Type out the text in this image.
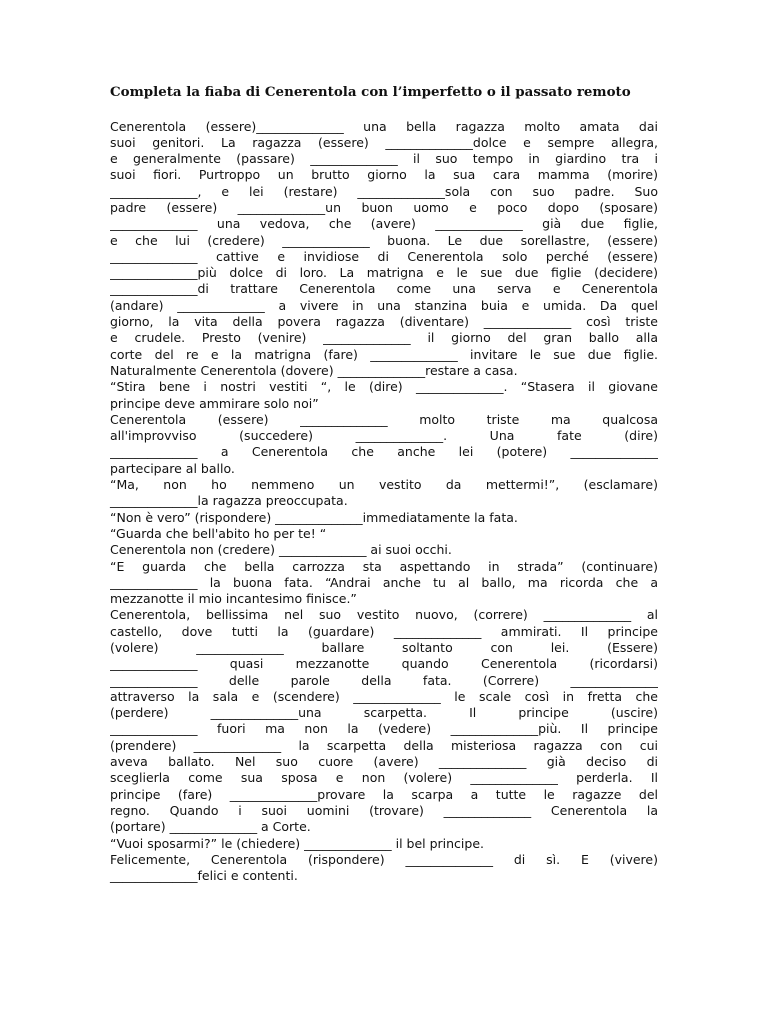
Completa la fiaba di Cenerentola con l’imperfetto o il passato remoto

Cenerentola (essere)______________ una bella ragazza molto amata dai
suoi genitori. La ragazza (essere) ______________dolce e sempre allegra,
e generalmente (passare) ______________ il suo tempo in giardino tra i
suoi fiori. Purtroppo un brutto giorno la sua cara mamma (morire)
______________, e lei (restare) ______________sola con suo padre. Suo
padre (essere) ______________un buon uomo e poco dopo (sposare)
______________ una vedova, che (avere) ______________ già due figlie,
e che lui (credere) ______________ buona. Le due sorellastre, (essere)
______________ cattive e invidiose di Cenerentola solo perché (essere)
______________più dolce di loro. La matrigna e le sue due figlie (decidere)
______________di trattare Cenerentola come una serva e Cenerentola
(andare) ______________ a vivere in una stanzina buia e umida. Da quel
giorno, la vita della povera ragazza (diventare) ______________ così triste
e crudele. Presto (venire) ______________ il giorno del gran ballo alla
corte del re e la matrigna (fare) ______________ invitare le sue due figlie.
Naturalmente Cenerentola (dovere) ______________restare a casa.
“Stira bene i nostri vestiti “, le (dire) ______________. “Stasera il giovane
principe deve ammirare solo noi”
Cenerentola (essere) ______________ molto triste ma qualcosa
all'improvviso (succedere) ______________. Una fate (dire)
______________ a Cenerentola che anche lei (potere) ______________
partecipare al ballo.
“Ma, non ho nemmeno un vestito da mettermi!”, (esclamare)
______________la ragazza preoccupata.
“Non è vero” (rispondere) ______________immediatamente la fata.
“Guarda che bell'abito ho per te! “
Cenerentola non (credere) ______________ ai suoi occhi.
“E guarda che bella carrozza sta aspettando in strada” (continuare)
______________ la buona fata. “Andrai anche tu al ballo, ma ricorda che a
mezzanotte il mio incantesimo finisce.”
Cenerentola, bellissima nel suo vestito nuovo, (correre) ______________ al
castello, dove tutti la (guardare) ______________ ammirati. Il principe
(volere) ______________ ballare soltanto con lei. (Essere)
______________ quasi mezzanotte quando Cenerentola (ricordarsi)
______________ delle parole della fata. (Correre) ______________
attraverso la sala e (scendere) ______________ le scale così in fretta che
(perdere) ______________una scarpetta. Il principe (uscire)
______________ fuori ma non la (vedere) ______________più. Il principe
(prendere) ______________ la scarpetta della misteriosa ragazza con cui
aveva ballato. Nel suo cuore (avere) ______________ già deciso di
sceglierla come sua sposa e non (volere) ______________ perderla. Il
principe (fare) ______________provare la scarpa a tutte le ragazze del
regno. Quando i suoi uomini (trovare) ______________ Cenerentola la
(portare) ______________ a Corte.
“Vuoi sposarmi?” le (chiedere) ______________ il bel principe.
Felicemente, Cenerentola (rispondere) ______________ di sì. E (vivere)
______________felici e contenti.
